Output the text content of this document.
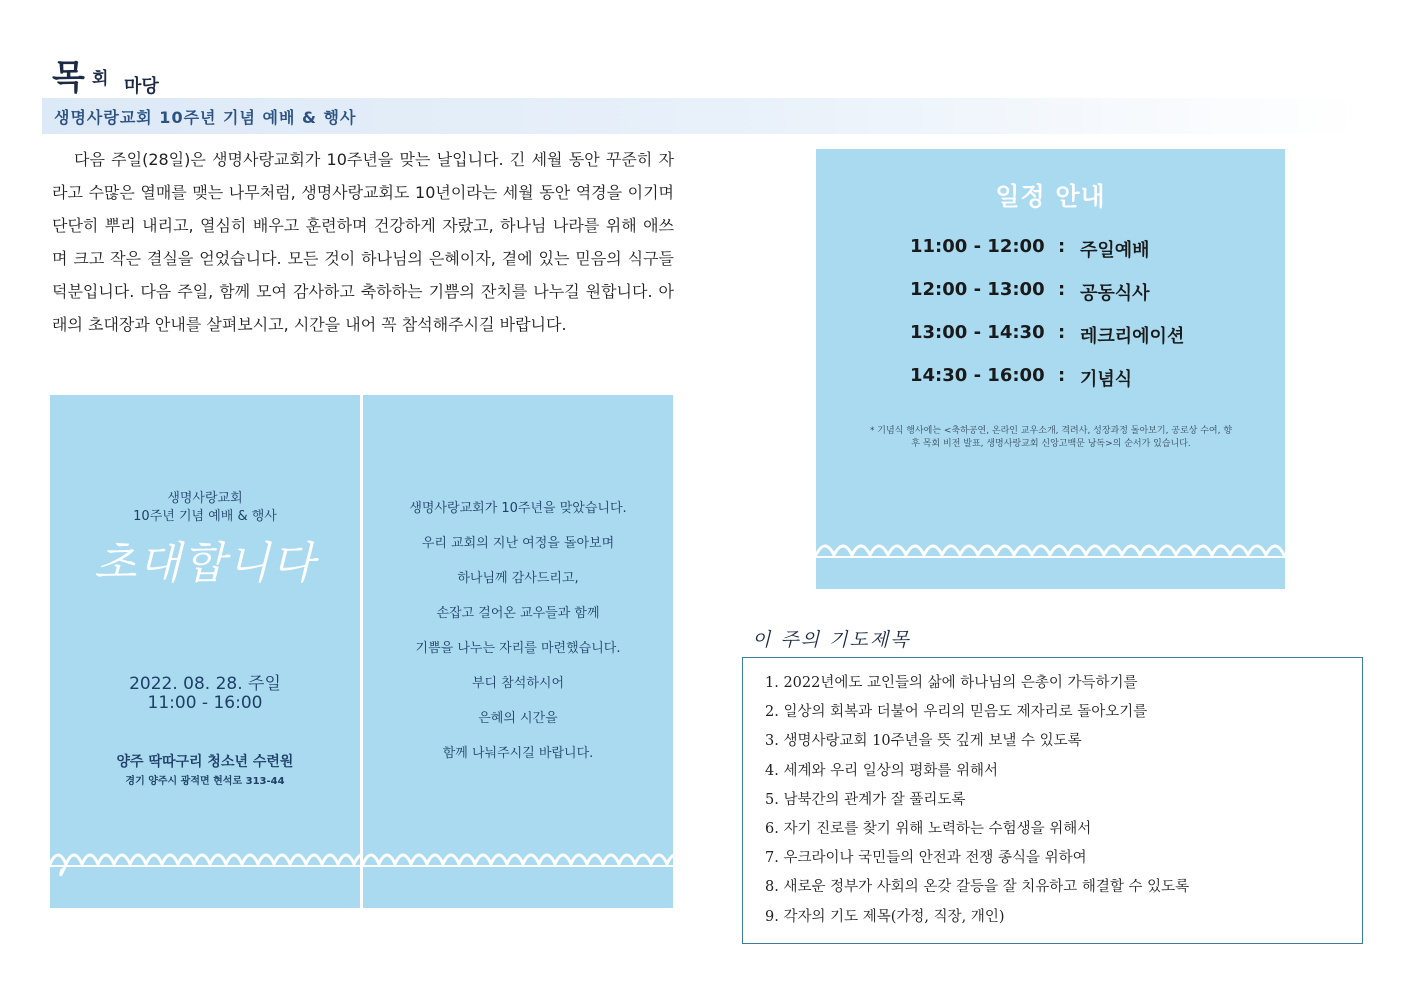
목 회 마당
생명사랑교회 10주년 기념 예배 & 행사
다음 주일(28일)은 생명사랑교회가 10주년을 맞는 날입니다. 긴 세월 동안 꾸준히 자라고 수많은 열매를 맺는 나무처럼, 생명사랑교회도 10년이라는 세월 동안 역경을 이기며 단단히 뿌리 내리고, 열심히 배우고 훈련하며 건강하게 자랐고, 하나님 나라를 위해 애쓰며 크고 작은 결실을 얻었습니다. 모든 것이 하나님의 은혜이자, 곁에 있는 믿음의 식구들 덕분입니다. 다음 주일, 함께 모여 감사하고 축하하는 기쁨의 잔치를 나누길 원합니다. 아래의 초대장과 안내를 살펴보시고, 시간을 내어 꼭 참석해주시길 바랍니다.
생명사랑교회
10주년 기념 예배 & 행사
초대합니다
2022. 08. 28. 주일
11:00 - 16:00
양주 딱따구리 청소년 수련원
경기 양주시 광적면 현석로 313-44
생명사랑교회가 10주년을 맞았습니다.
우리 교회의 지난 여정을 돌아보며
하나님께 감사드리고,
손잡고 걸어온 교우들과 함께
기쁨을 나누는 자리를 마련했습니다.
부디 참석하시어
은혜의 시간을
함께 나눠주시길 바랍니다.
일정 안내
11:00 - 12:00 : 주일예배
12:00 - 13:00 : 공동식사
13:00 - 14:30 : 레크리에이션
14:30 - 16:00 : 기념식
* 기념식 행사에는 <축하공연, 온라인 교우소개, 격려사, 성장과정 돌아보기, 공로상 수여, 향후 목회 비전 발표, 생명사랑교회 신앙고백문 낭독>의 순서가 있습니다.
이 주의 기도제목
1. 2022년에도 교인들의 삶에 하나님의 은총이 가득하기를
2. 일상의 회복과 더불어 우리의 믿음도 제자리로 돌아오기를
3. 생명사랑교회 10주년을 뜻 깊게 보낼 수 있도록
4. 세계와 우리 일상의 평화를 위해서
5. 남북간의 관계가 잘 풀리도록
6. 자기 진로를 찾기 위해 노력하는 수험생을 위해서
7. 우크라이나 국민들의 안전과 전쟁 종식을 위하여
8. 새로운 정부가 사회의 온갖 갈등을 잘 치유하고 해결할 수 있도록
9. 각자의 기도 제목(가정, 직장, 개인)
